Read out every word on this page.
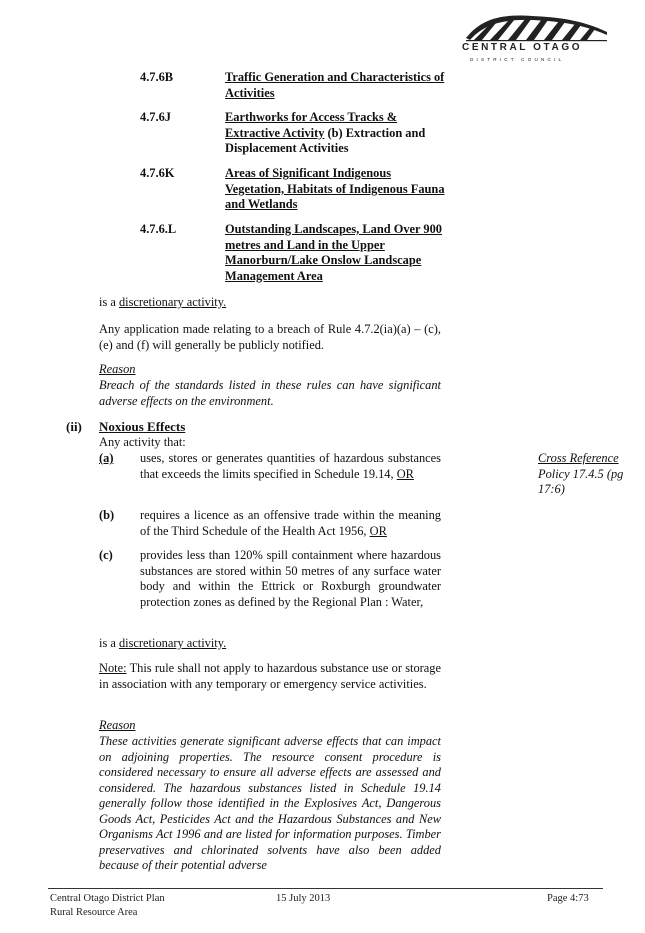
CENTRAL OTAGO
DISTRICT COUNCIL
4.7.6B	Traffic Generation and Characteristics of Activities
4.7.6J	Earthworks for Access Tracks & Extractive Activity (b) Extraction and Displacement Activities
4.7.6K	Areas of Significant Indigenous Vegetation, Habitats of Indigenous Fauna and Wetlands
4.7.6.L	Outstanding Landscapes, Land Over 900 metres and Land in the Upper Manorburn/Lake Onslow Landscape Management Area
is a discretionary activity.
Any application made relating to a breach of Rule 4.7.2(ia)(a) – (c), (e) and (f) will generally be publicly notified.
Reason
Breach of the standards listed in these rules can have significant adverse effects on the environment.
(ii) Noxious Effects
Any activity that:
(a) uses, stores or generates quantities of hazardous substances that exceeds the limits specified in Schedule 19.14, OR
(b) requires a licence as an offensive trade within the meaning of the Third Schedule of the Health Act 1956, OR
(c) provides less than 120% spill containment where hazardous substances are stored within 50 metres of any surface water body and within the Ettrick or Roxburgh groundwater protection zones as defined by the Regional Plan : Water,
Cross Reference
Policy 17.4.5 (pg 17:6)
is a discretionary activity.
Note: This rule shall not apply to hazardous substance use or storage in association with any temporary or emergency service activities.
Reason
These activities generate significant adverse effects that can impact on adjoining properties. The resource consent procedure is considered necessary to ensure all adverse effects are assessed and considered. The hazardous substances listed in Schedule 19.14 generally follow those identified in the Explosives Act, Dangerous Goods Act, Pesticides Act and the Hazardous Substances and New Organisms Act 1996 and are listed for information purposes. Timber preservatives and chlorinated solvents have also been added because of their potential adverse
Central Otago District Plan
Rural Resource Area
15 July 2013	Page 4:73
